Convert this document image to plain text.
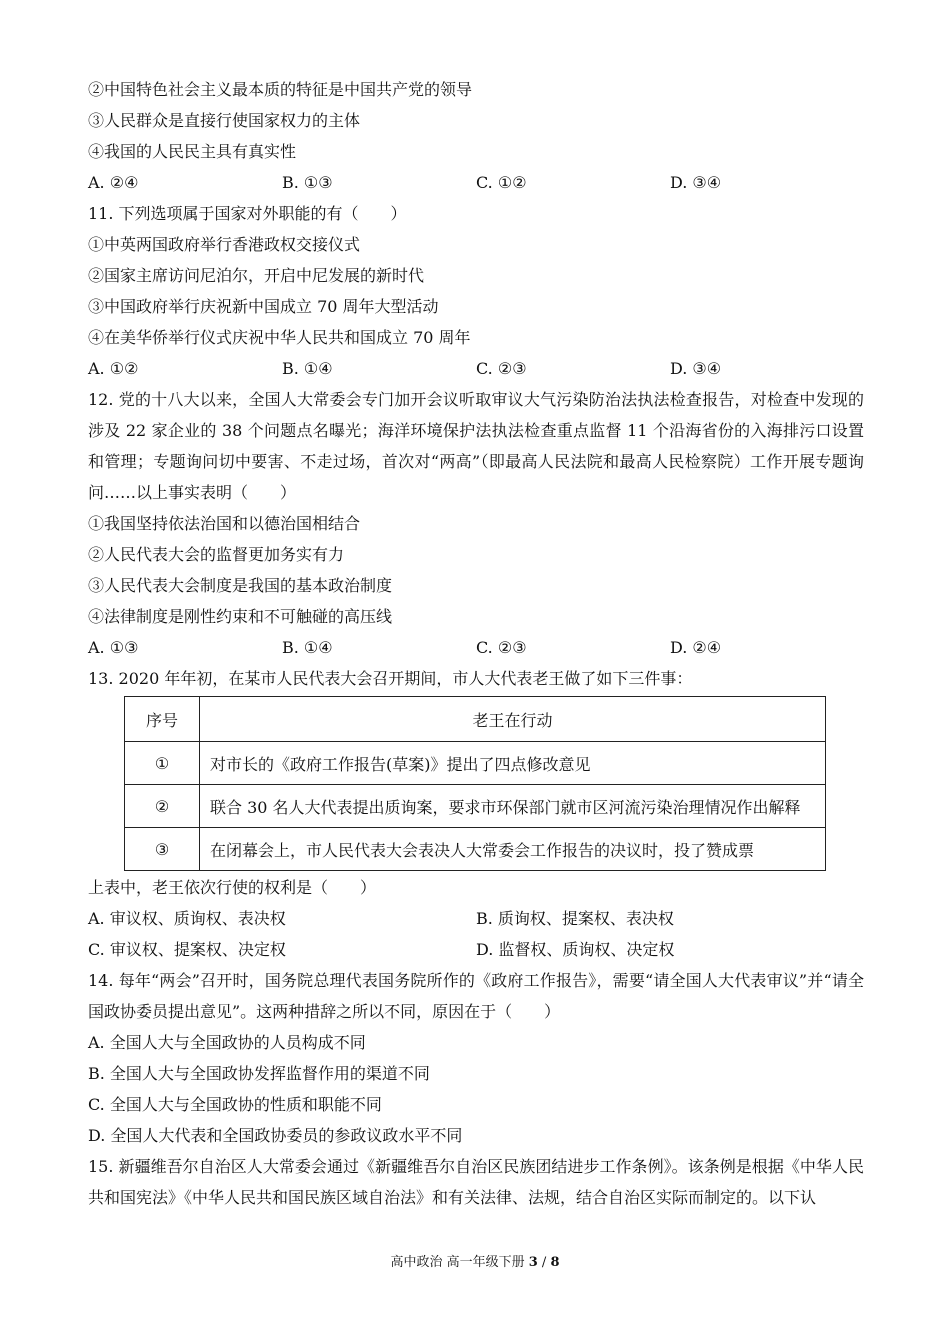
②中国特色社会主义最本质的特征是中国共产党的领导
③人民群众是直接行使国家权力的主体
④我国的人民民主具有真实性
A. ②④	B. ①③	C. ①②	D. ③④
11. 下列选项属于国家对外职能的有（　　）
①中英两国政府举行香港政权交接仪式
②国家主席访问尼泊尔，开启中尼发展的新时代
③中国政府举行庆祝新中国成立 70 周年大型活动
④在美华侨举行仪式庆祝中华人民共和国成立 70 周年
A. ①②	B. ①④	C. ②③	D. ③④
12. 党的十八大以来，全国人大常委会专门加开会议听取审议大气污染防治法执法检查报告，对检查中发现的涉及 22 家企业的 38 个问题点名曝光；海洋环境保护法执法检查重点监督 11 个沿海省份的入海排污口设置和管理；专题询问切中要害、不走过场，首次对“两高”（即最高人民法院和最高人民检察院）工作开展专题询问……以上事实表明（　　）
①我国坚持依法治国和以德治国相结合
②人民代表大会的监督更加务实有力
③人民代表大会制度是我国的基本政治制度
④法律制度是刚性约束和不可触碰的高压线
A. ①③	B. ①④	C. ②③	D. ②④
13. 2020 年年初，在某市人民代表大会召开期间，市人大代表老王做了如下三件事：
序号	老王在行动
①	对市长的《政府工作报告(草案)》提出了四点修改意见
②	联合 30 名人大代表提出质询案，要求市环保部门就市区河流污染治理情况作出解释
③	在闭幕会上，市人民代表大会表决人大常委会工作报告的决议时，投了赞成票
上表中，老王依次行使的权利是（　　）
A. 审议权、质询权、表决权	B. 质询权、提案权、表决权
C. 审议权、提案权、决定权	D. 监督权、质询权、决定权
14. 每年“两会”召开时，国务院总理代表国务院所作的《政府工作报告》，需要“请全国人大代表审议”并“请全国政协委员提出意见”。这两种措辞之所以不同，原因在于（　　）
A. 全国人大与全国政协的人员构成不同
B. 全国人大与全国政协发挥监督作用的渠道不同
C. 全国人大与全国政协的性质和职能不同
D. 全国人大代表和全国政协委员的参政议政水平不同
15. 新疆维吾尔自治区人大常委会通过《新疆维吾尔自治区民族团结进步工作条例》。该条例是根据《中华人民共和国宪法》《中华人民共和国民族区域自治法》和有关法律、法规，结合自治区实际而制定的。以下认
高中政治 高一年级下册 3 / 8
